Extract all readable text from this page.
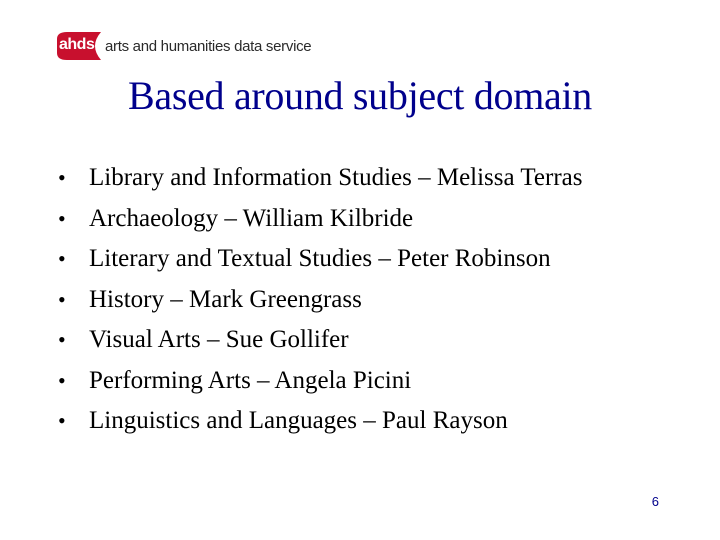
ahds arts and humanities data service
Based around subject domain
• Library and Information Studies – Melissa Terras
• Archaeology – William Kilbride
• Literary and Textual Studies – Peter Robinson
• History – Mark Greengrass
• Visual Arts – Sue Gollifer
• Performing Arts – Angela Picini
• Linguistics and Languages – Paul Rayson
6
